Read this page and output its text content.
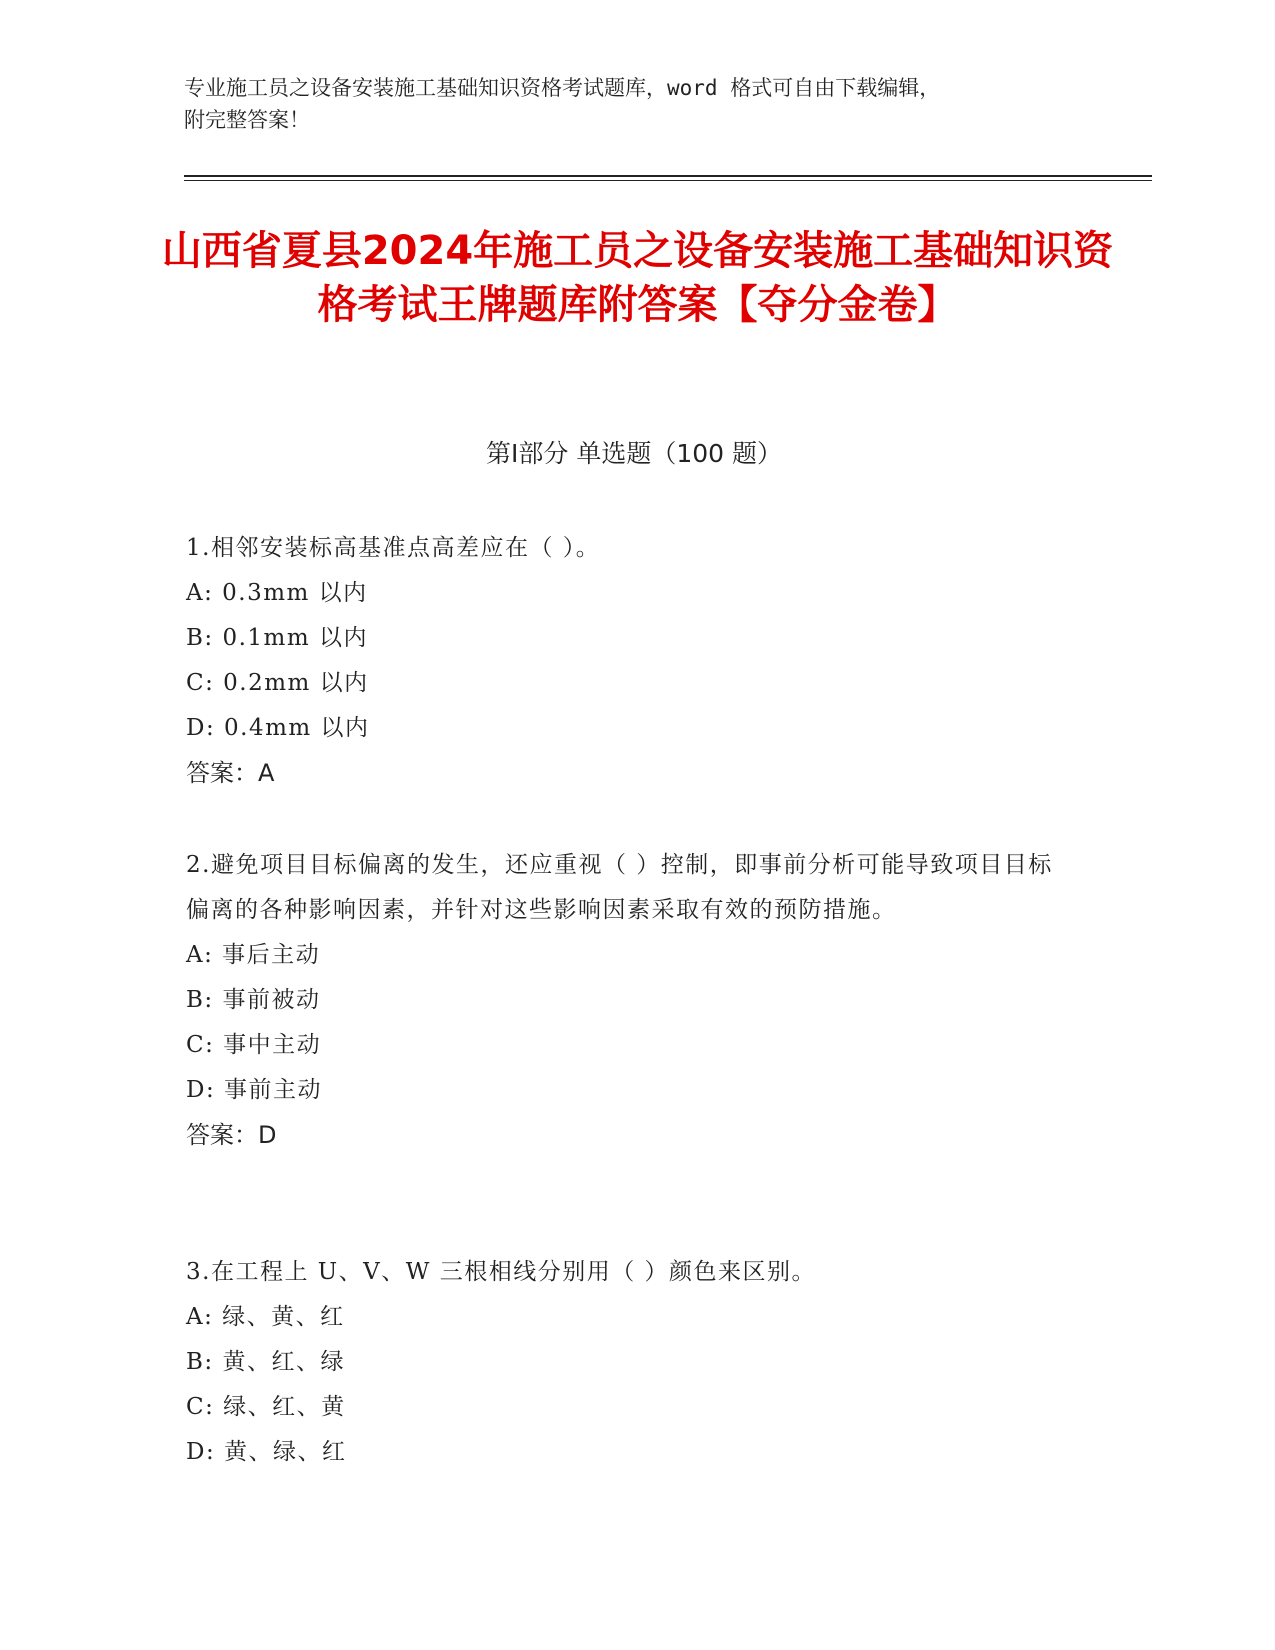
专业施工员之设备安装施工基础知识资格考试题库，word 格式可自由下载编辑，
附完整答案！
山西省夏县2024年施工员之设备安装施工基础知识资格考试王牌题库附答案【夺分金卷】
第Ⅰ部分 单选题（100 题）
1.相邻安装标高基准点高差应在（ ）。
A: 0.3mm 以内
B: 0.1mm 以内
C: 0.2mm 以内
D: 0.4mm 以内
答案：A
2.避免项目目标偏离的发生，还应重视（ ）控制，即事前分析可能导致项目目标偏离的各种影响因素，并针对这些影响因素采取有效的预防措施。
A: 事后主动
B: 事前被动
C: 事中主动
D: 事前主动
答案：D
3.在工程上 U、V、W 三根相线分别用（ ）颜色来区别。
A: 绿、黄、红
B: 黄、红、绿
C: 绿、红、黄
D: 黄、绿、红
